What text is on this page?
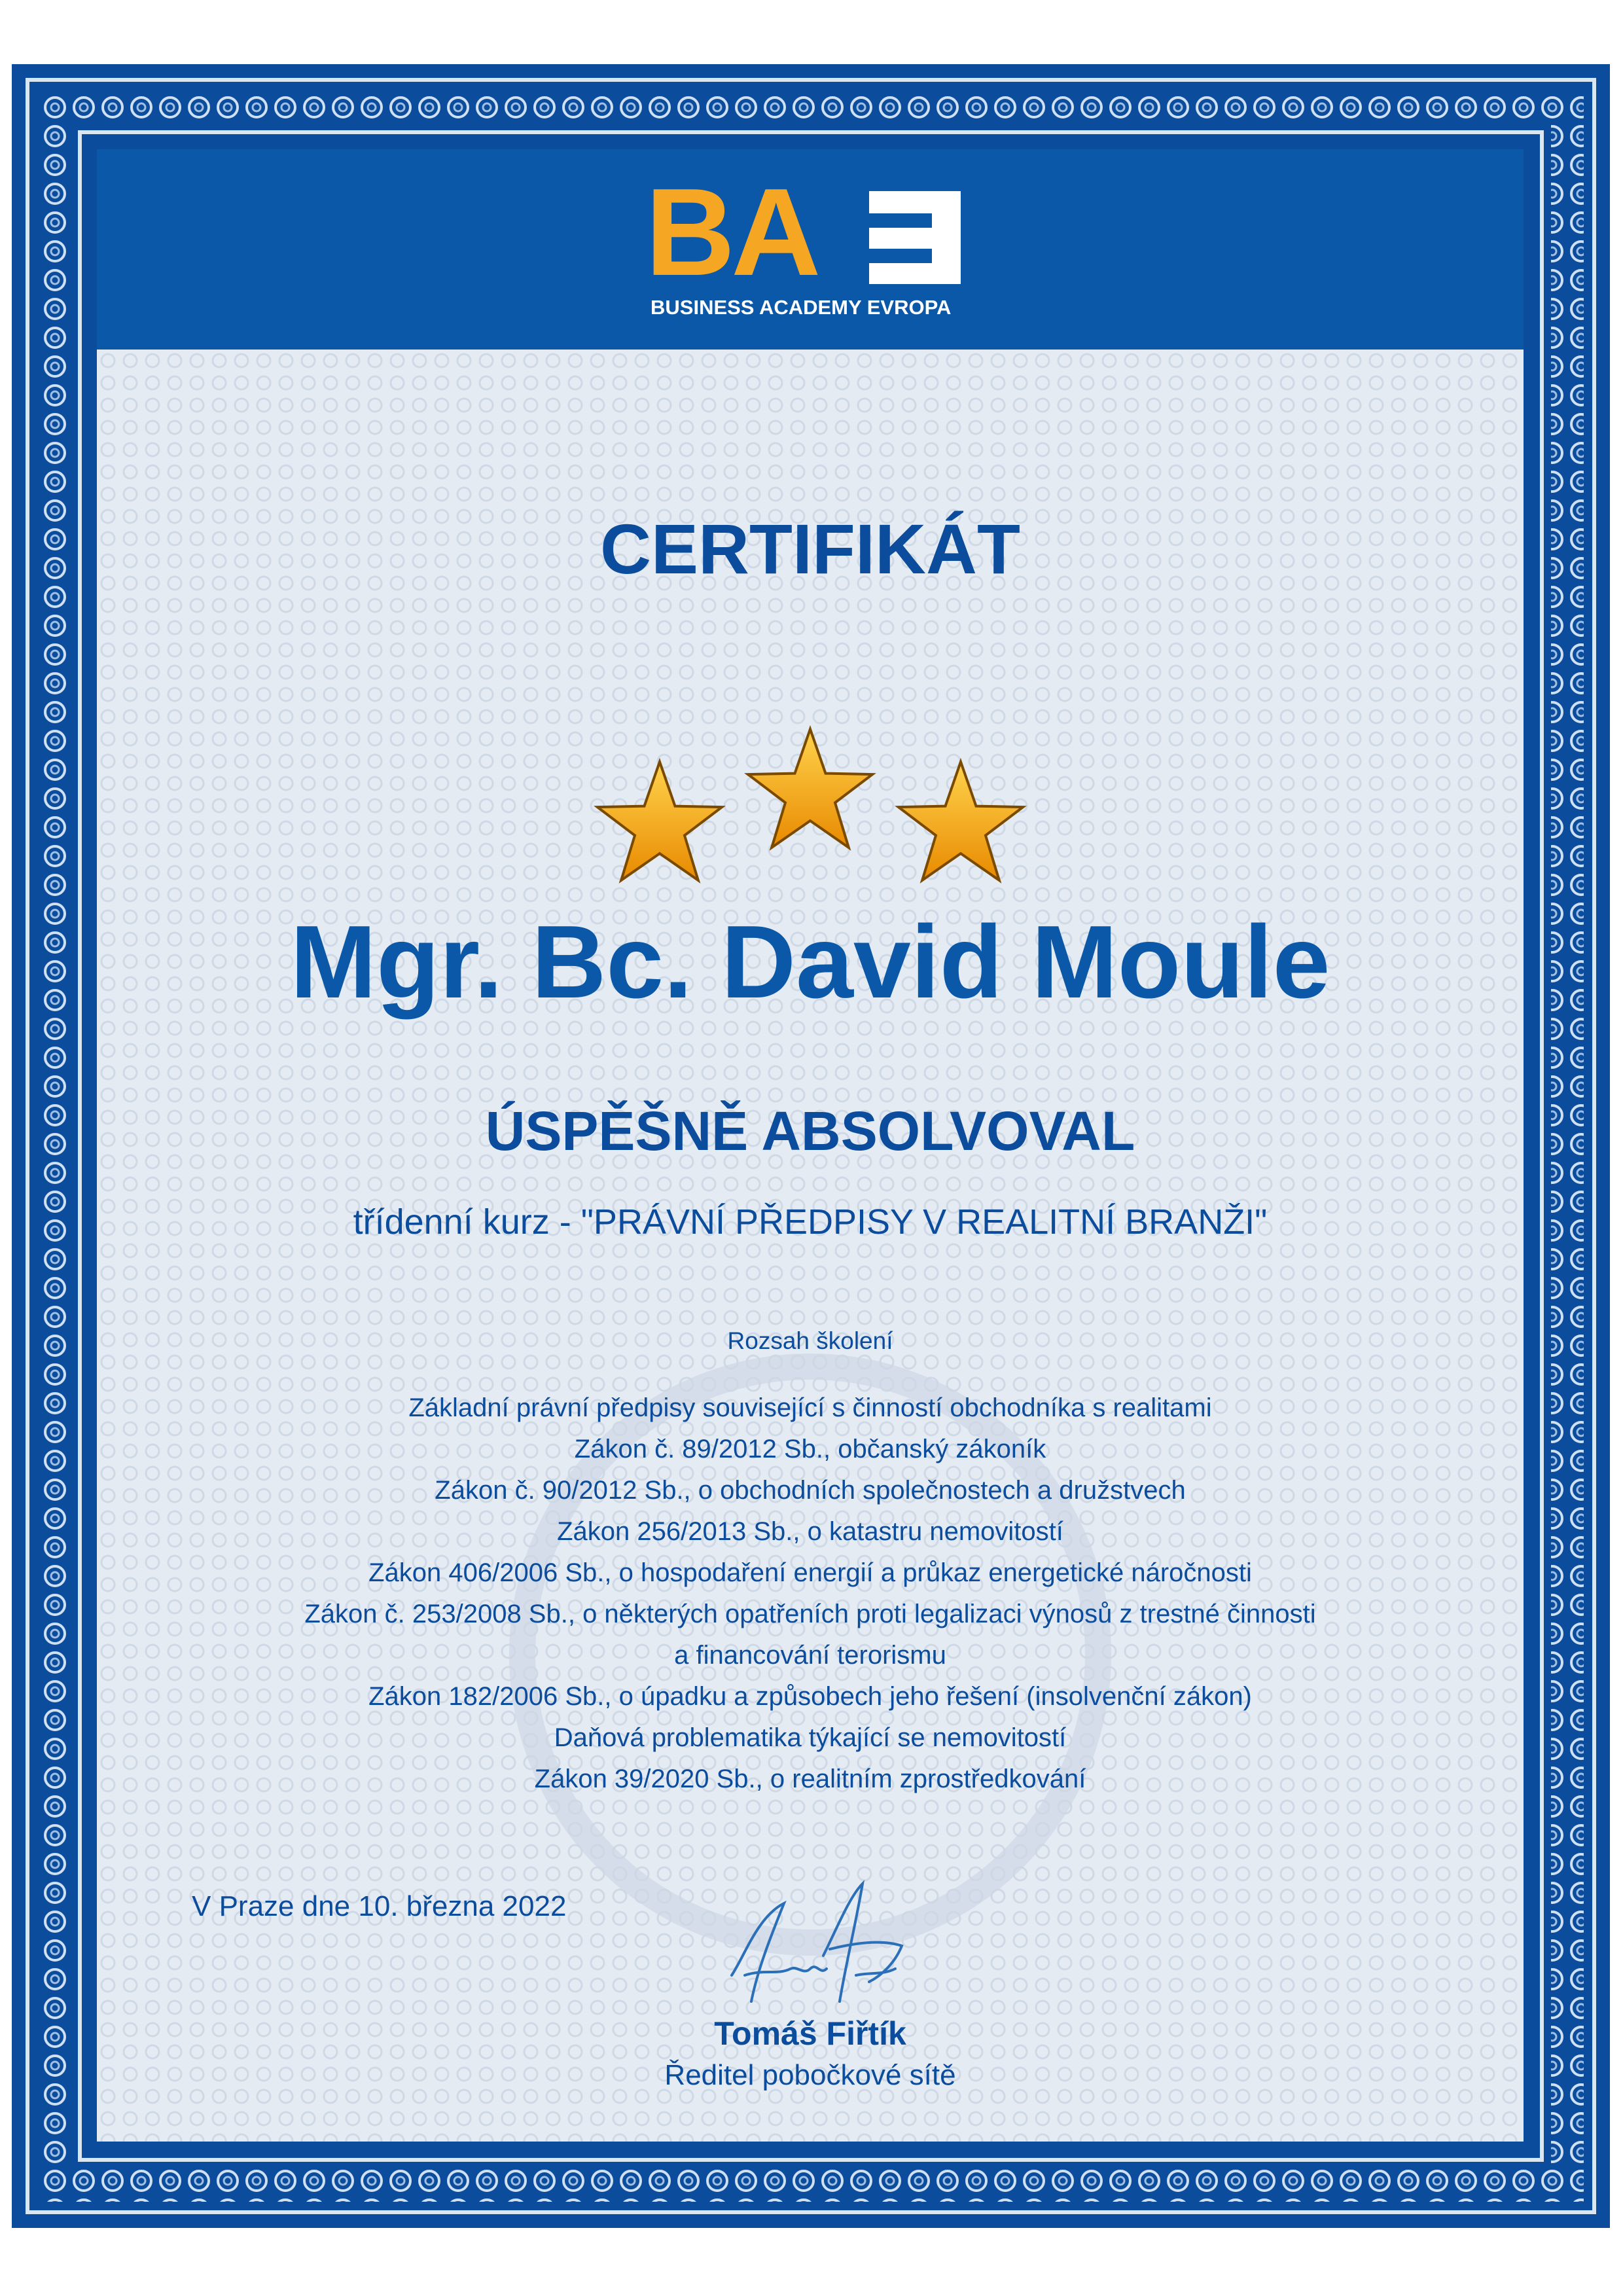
BA
BUSINESS ACADEMY EVROPA
CERTIFIKÁT
Mgr. Bc. David Moule
ÚSPĚŠNĚ ABSOLVOVAL
třídenní kurz - "PRÁVNÍ PŘEDPISY V REALITNÍ BRANŽI"
Rozsah školení
Základní právní předpisy související s činností obchodníka s realitami
Zákon č. 89/2012 Sb., občanský zákoník
Zákon č. 90/2012 Sb., o obchodních společnostech a družstvech
Zákon 256/2013 Sb., o katastru nemovitostí
Zákon 406/2006 Sb., o hospodaření energií a průkaz energetické náročnosti
Zákon č. 253/2008 Sb., o některých opatřeních proti legalizaci výnosů z trestné činnosti
a financování terorismu
Zákon 182/2006 Sb., o úpadku a způsobech jeho řešení (insolvenční zákon)
Daňová problematika týkající se nemovitostí
Zákon 39/2020 Sb., o realitním zprostředkování
V Praze dne 10. března 2022
Tomáš Fiřtík
Ředitel pobočkové sítě
